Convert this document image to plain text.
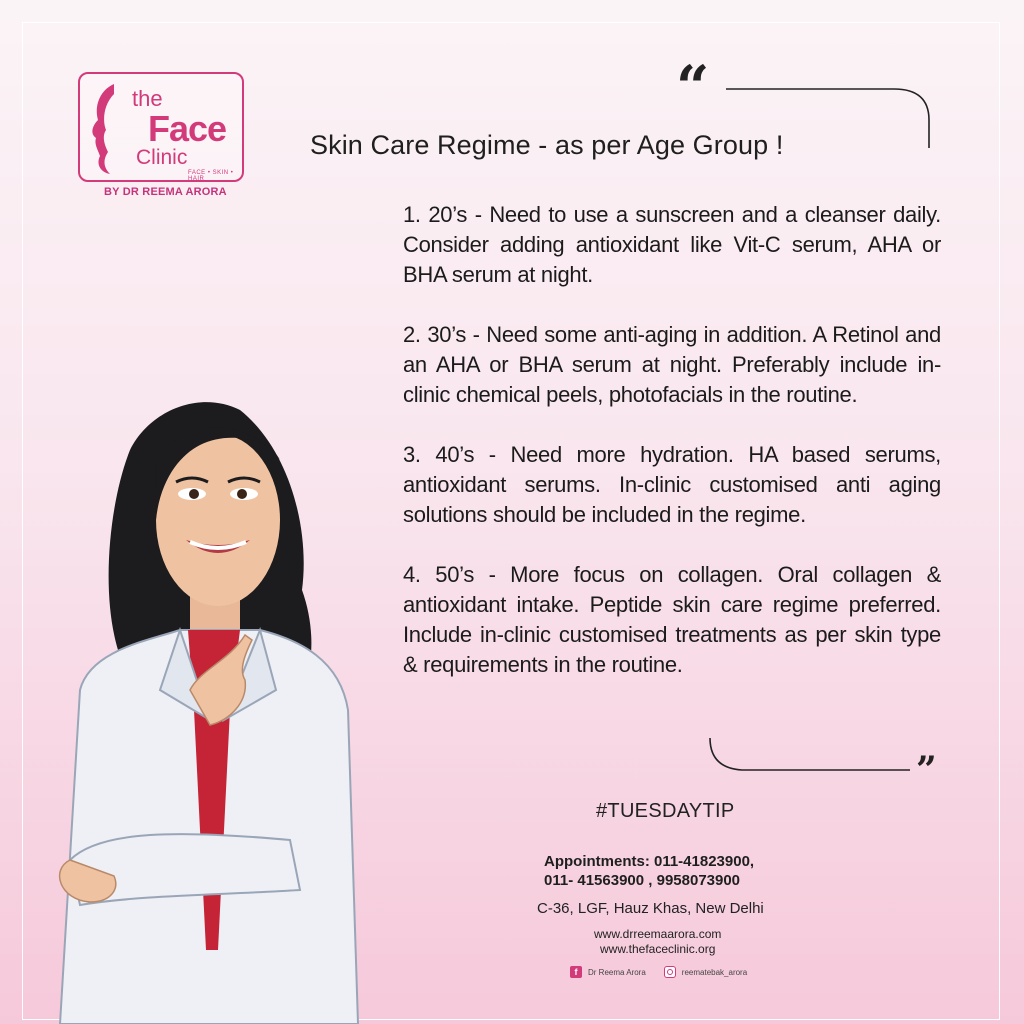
the
Face
Clinic
FACE • SKIN • HAIR
BY DR REEMA ARORA
“
”
Skin Care Regime - as per Age Group !

1. 20’s - Need to use a sunscreen and a cleanser daily. Consider adding antioxidant like Vit-C serum, AHA or BHA serum at night.

2. 30’s - Need some anti-aging in addition. A Retinol and an AHA or BHA serum at night. Preferably include in-clinic chemical peels, photofacials in the routine.

3. 40’s - Need more hydration. HA based serums, antioxidant serums. In-clinic customised anti aging solutions should be included in the regime.

4. 50’s - More focus on collagen. Oral collagen & antioxidant intake. Peptide skin care regime preferred. Include in-clinic customised treatments as per skin type & requirements in the routine.

#TUESDAYTIP
Appointments: 011-41823900,

011- 41563900 , 9958073900
C-36, LGF, Hauz Khas, New Delhi
www.drreemaarora.com
www.thefaceclinic.org
f	Dr Reema Arora	reematebak_arora
